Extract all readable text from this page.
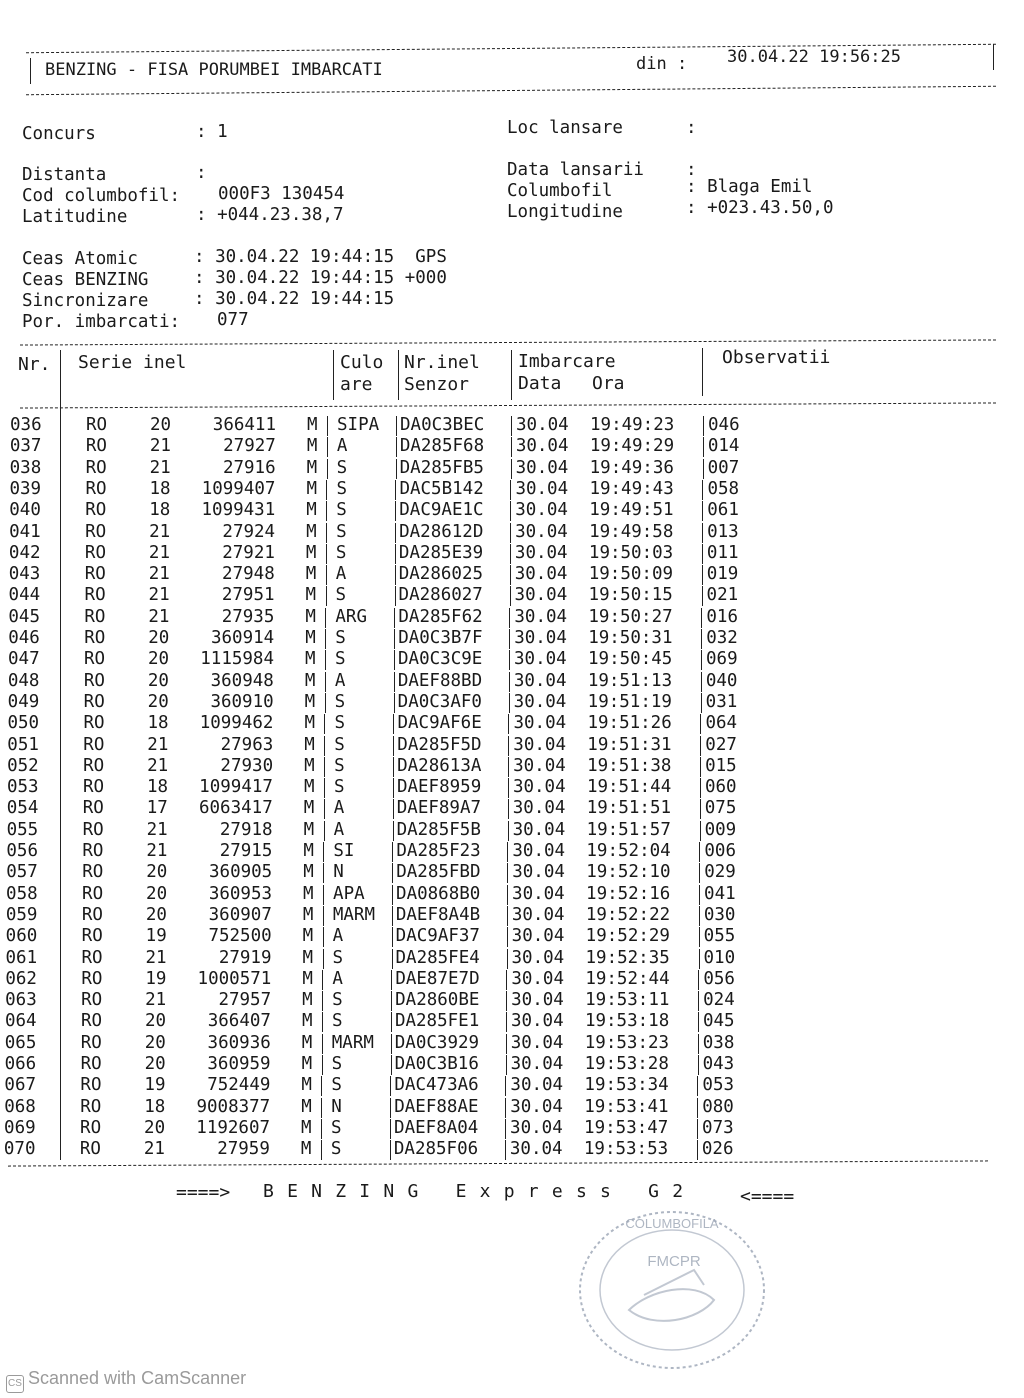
BENZING - FISA PORUMBEI IMBARCATI	din : 30.04.22 19:56:25
Concurs	: 1	Loc lansare	:
Distanta	:	Data lansarii :
Cod columbofil: 000F3 130454	Columbofil	: Blaga Emil
Latitudine	: +044.23.38,7	Longitudine	: +023.43.50,0
Ceas Atomic	: 30.04.22 19:44:15  GPS
Ceas BENZING	: 30.04.22 19:44:15 +000
Sincronizare	: 30.04.22 19:44:15
Por. imbarcati: 077
Nr. Serie inel	Culo
are
Nr.inel
Senzor
Imbarcare
Data Ora
Observatii
036	RO	20	366411 M	SIPA	DA0C3BEC	30.04	19:49:23	046
037	RO	21	27927 M	A	DA285F68	30.04	19:49:29	014
038	RO	21	27916 M	S	DA285FB5	30.04	19:49:36	007
039	RO	18	1099407 M	S	DAC5B142	30.04	19:49:43	058
040	RO	18	1099431 M	S	DAC9AE1C	30.04	19:49:51	061
041	RO	21	27924 M	S	DA28612D	30.04	19:49:58	013
042	RO	21	27921 M	S	DA285E39	30.04	19:50:03	011
043	RO	21	27948 M	A	DA286025	30.04	19:50:09	019
044	RO	21	27951 M	S	DA286027	30.04	19:50:15	021
045	RO	21	27935 M	ARG	DA285F62	30.04	19:50:27	016
046	RO	20	360914 M	S	DA0C3B7F	30.04	19:50:31	032
047	RO	20	1115984 M	S	DA0C3C9E	30.04	19:50:45	069
048	RO	20	360948 M	A	DAEF88BD	30.04	19:51:13	040
049	RO	20	360910 M	S	DA0C3AF0	30.04	19:51:19	031
050	RO	18	1099462 M	S	DAC9AF6E	30.04	19:51:26	064
051	RO	21	27963 M	S	DA285F5D	30.04	19:51:31	027
052	RO	21	27930 M	S	DA28613A	30.04	19:51:38	015
053	RO	18	1099417 M	S	DAEF8959	30.04	19:51:44	060
054	RO	17	6063417 M	A	DAEF89A7	30.04	19:51:51	075
055	RO	21	27918 M	A	DA285F5B	30.04	19:51:57	009
056	RO	21	27915 M	SI	DA285F23	30.04	19:52:04	006
057	RO	20	360905 M	N	DA285FBD	30.04	19:52:10	029
058	RO	20	360953 M	APA	DA0868B0	30.04	19:52:16	041
059	RO	20	360907 M	MARM	DAEF8A4B	30.04	19:52:22	030
060	RO	19	752500 M	A	DAC9AF37	30.04	19:52:29	055
061	RO	21	27919 M	S	DA285FE4	30.04	19:52:35	010
062	RO	19	1000571 M	A	DAE87E7D	30.04	19:52:44	056
063	RO	21	27957 M	S	DA2860BE	30.04	19:53:11	024
064	RO	20	366407 M	S	DA285FE1	30.04	19:53:18	045
065	RO	20	360936 M	MARM	DA0C3929	30.04	19:53:23	038
066	RO	20	360959 M	S	DA0C3B16	30.04	19:53:28	043
067	RO	19	752449 M	S	DAC473A6	30.04	19:53:34	053
068	RO	18	9008377 M	N	DAEF88AE	30.04	19:53:41	080
069	RO	20	1192607 M	S	DAEF8A04	30.04	19:53:47	073
070	RO	21	27959 M	S	DA285F06	30.04	19:53:53	026
====> B E N Z I N G   E x p r e s s   G 2	<====
COLUMBOFILA
FMCPR
CS Scanned with CamScanner
